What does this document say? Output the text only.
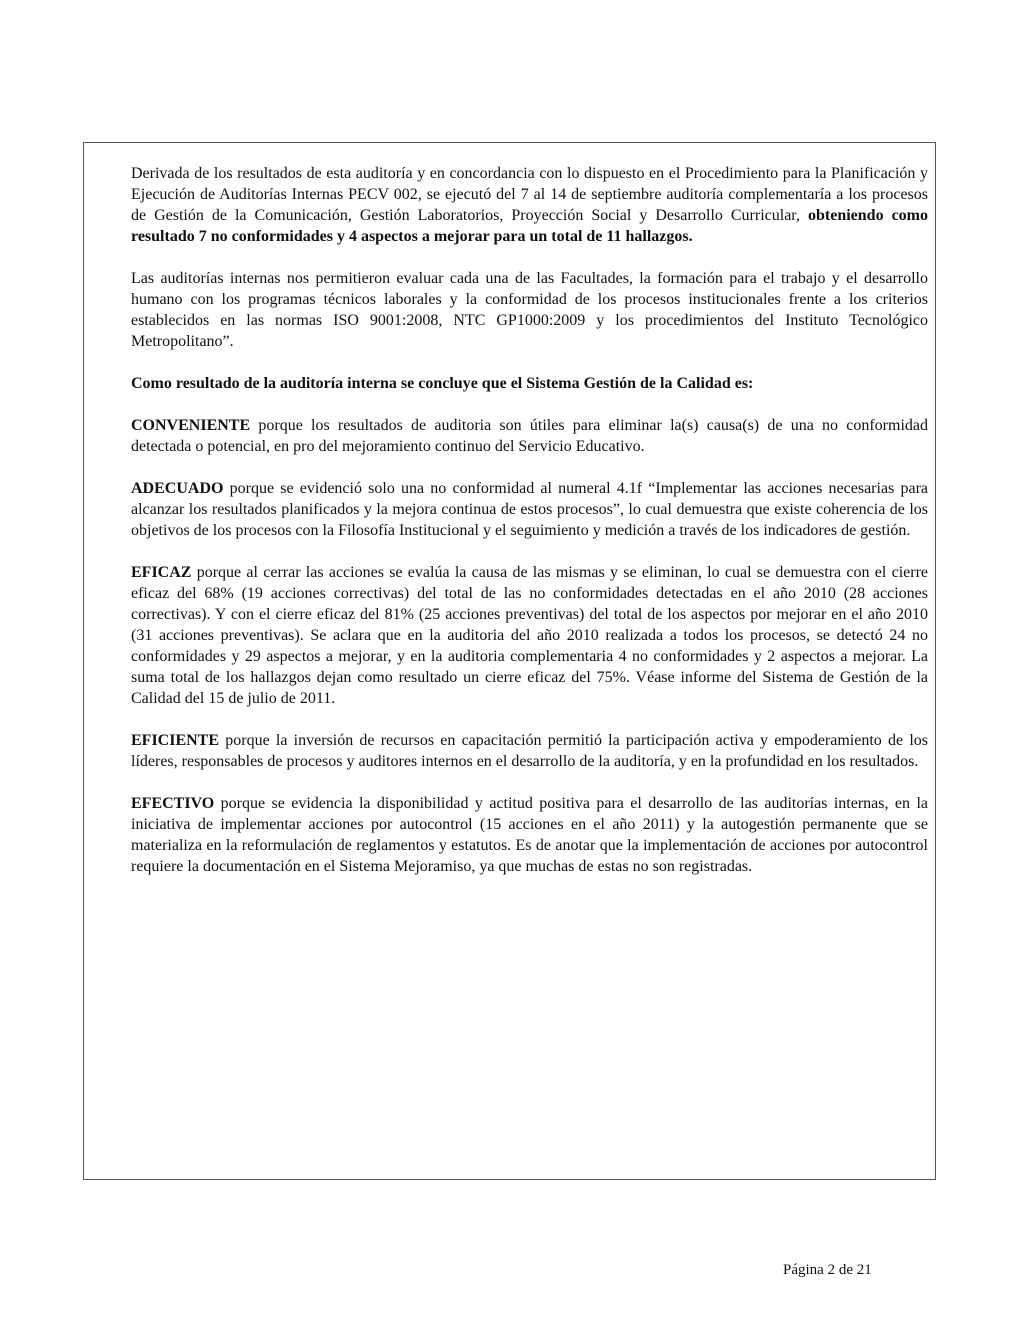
Derivada de los resultados de esta auditoría y en concordancia con lo dispuesto en el Procedimiento para la Planificación y Ejecución de Auditorías Internas PECV 002, se ejecutó del 7 al 14 de septiembre auditoría complementaría a los procesos de Gestión de la Comunicación, Gestión Laboratorios, Proyección Social y Desarrollo Curricular, obteniendo como resultado 7 no conformidades y 4 aspectos a mejorar para un total de 11 hallazgos.

Las auditorías internas nos permitieron evaluar cada una de las Facultades, la formación para el trabajo y el desarrollo humano con los programas técnicos laborales y la conformidad de los procesos institucionales frente a los criterios establecidos en las normas ISO 9001:2008, NTC GP1000:2009 y los procedimientos del Instituto Tecnológico Metropolitano”.

Como resultado de la auditoría interna se concluye que el Sistema Gestión de la Calidad es:

CONVENIENTE porque los resultados de auditoria son útiles para eliminar la(s) causa(s) de una no conformidad detectada o potencial, en pro del mejoramiento continuo del Servicio Educativo.

ADECUADO porque se evidenció solo una no conformidad al numeral 4.1f “Implementar las acciones necesarias para alcanzar los resultados planificados y la mejora continua de estos procesos”, lo cual demuestra que existe coherencia de los objetivos de los procesos con la Filosofía Institucional y el seguimiento y medición a través de los indicadores de gestión.

EFICAZ porque al cerrar las acciones se evalúa la causa de las mismas y se eliminan, lo cual se demuestra con el cierre eficaz del 68% (19 acciones correctivas) del total de las no conformidades detectadas en el año 2010 (28 acciones correctivas). Y con el cierre eficaz del 81% (25 acciones preventivas) del total de los aspectos por mejorar en el año 2010 (31 acciones preventivas). Se aclara que en la auditoria del año 2010 realizada a todos los procesos, se detectó 24 no conformidades y 29 aspectos a mejorar, y en la auditoria complementaria 4 no conformidades y 2 aspectos a mejorar. La suma total de los hallazgos dejan como resultado un cierre eficaz del 75%. Véase informe del Sistema de Gestión de la Calidad del 15 de julio de 2011.

EFICIENTE porque la inversión de recursos en capacitación permitió la participación activa y empoderamiento de los líderes, responsables de procesos y auditores internos en el desarrollo de la auditoría, y en la profundidad en los resultados.

EFECTIVO porque se evidencia la disponibilidad y actitud positiva para el desarrollo de las auditorías internas, en la iniciativa de implementar acciones por autocontrol (15 acciones en el año 2011) y la autogestión permanente que se materializa en la reformulación de reglamentos y estatutos. Es de anotar que la implementación de acciones por autocontrol requiere la documentación en el Sistema Mejoramiso, ya que muchas de estas no son registradas.

Página 2 de 21
